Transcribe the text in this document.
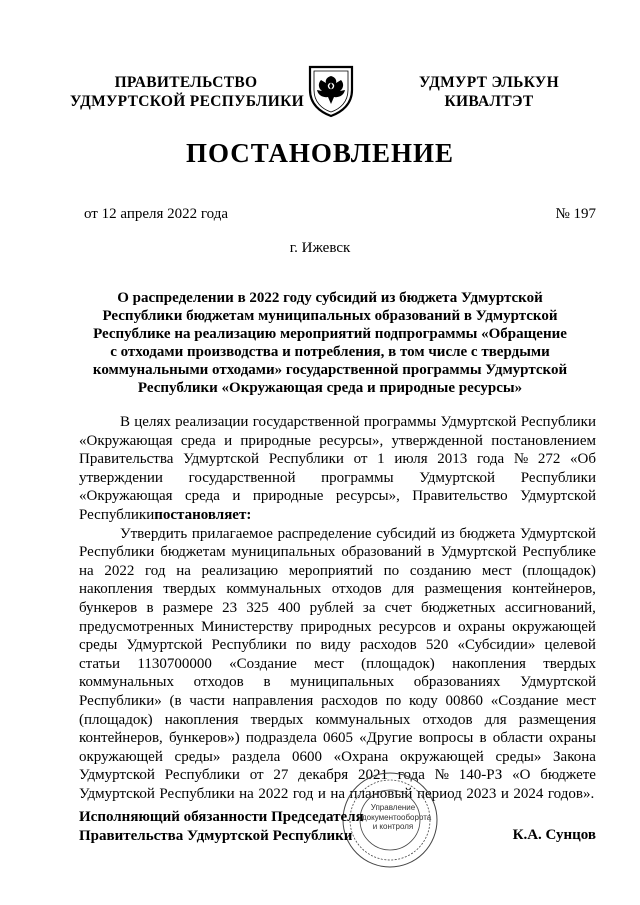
ПРАВИТЕЛЬСТВО
УДМУРТСКОЙ РЕСПУБЛИКИ
УДМУРТ ЭЛЬКУН
КИВАЛТЭТ
ПОСТАНОВЛЕНИЕ
от 12 апреля 2022 года	№ 197
г. Ижевск
О распределении в 2022 году субсидий из бюджета Удмуртской
Республики бюджетам муниципальных образований в Удмуртской
Республике на реализацию мероприятий подпрограммы «Обращение
с отходами производства и потребления, в том числе с твердыми
коммунальными отходами» государственной программы Удмуртской
Республики «Окружающая среда и природные ресурсы»
В целях реализации государственной программы Удмуртской Республики
«Окружающая среда и природные ресурсы», утвержденной постановлением
Правительства Удмуртской Республики от 1 июля 2013 года № 272 «Об
утверждении государственной программы Удмуртской Республики
«Окружающая среда и природные ресурсы», Правительство Удмуртской
Республики постановляет:
Утвердить прилагаемое распределение субсидий из бюджета Удмуртской
Республики бюджетам муниципальных образований в Удмуртской Республике
на 2022 год на реализацию мероприятий по созданию мест (площадок)
накопления твердых коммунальных отходов для размещения контейнеров,
бункеров в размере 23 325 400 рублей за счет бюджетных ассигнований,
предусмотренных Министерству природных ресурсов и охраны окружающей
среды Удмуртской Республики по виду расходов 520 «Субсидии» целевой
статьи 1130700000 «Создание мест (площадок) накопления твердых
коммунальных отходов в муниципальных образованиях Удмуртской
Республики» (в части направления расходов по коду 00860 «Создание мест
(площадок) накопления твердых коммунальных отходов для размещения
контейнеров, бункеров») подраздела 0605 «Другие вопросы в области охраны
окружающей среды» раздела 0600 «Охрана окружающей среды» Закона
Удмуртской Республики от 27 декабря 2021 года № 140-РЗ «О бюджете
Удмуртской Республики на 2022 год и на плановый период 2023 и 2024 годов».
Управление
документооборота
и контроля
Исполняющий обязанности Председателя
Правительства Удмуртской Республики	К.А. Сунцов
